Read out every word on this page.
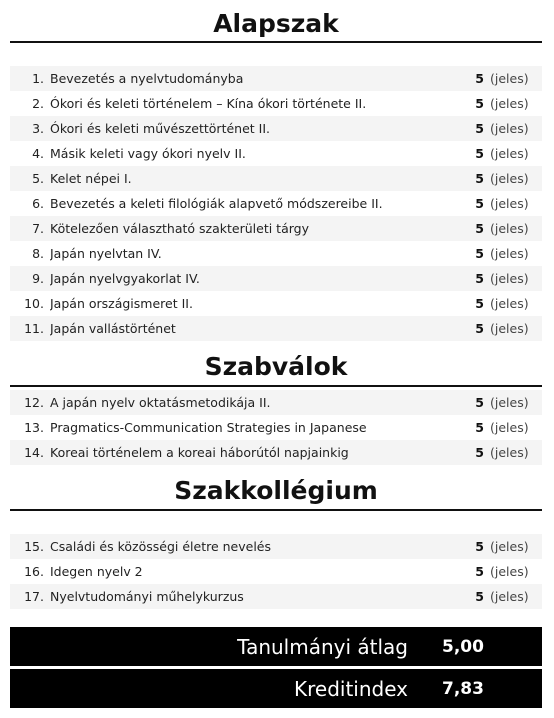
Alapszak
1. Bevezetés a nyelvtudományba	5 (jeles)
2. Ókori és keleti történelem – Kína ókori története II.	5 (jeles)
3. Ókori és keleti művészettörténet II.	5 (jeles)
4. Másik keleti vagy ókori nyelv II.	5 (jeles)
5. Kelet népei I.	5 (jeles)
6. Bevezetés a keleti filológiák alapvető módszereibe II.	5 (jeles)
7. Kötelezően választható szakterületi tárgy	5 (jeles)
8. Japán nyelvtan IV.	5 (jeles)
9. Japán nyelvgyakorlat IV.	5 (jeles)
10. Japán országismeret II.	5 (jeles)
11. Japán vallástörténet	5 (jeles)
Szabválok
12. A japán nyelv oktatásmetodikája II.	5 (jeles)
13. Pragmatics-Communication Strategies in Japanese	5 (jeles)
14. Koreai történelem a koreai háborútól napjainkig	5 (jeles)
Szakkollégium
15. Családi és közösségi életre nevelés	5 (jeles)
16. Idegen nyelv 2	5 (jeles)
17. Nyelvtudományi műhelykurzus	5 (jeles)
Tanulmányi átlag	5,00
Kreditindex	7,83
